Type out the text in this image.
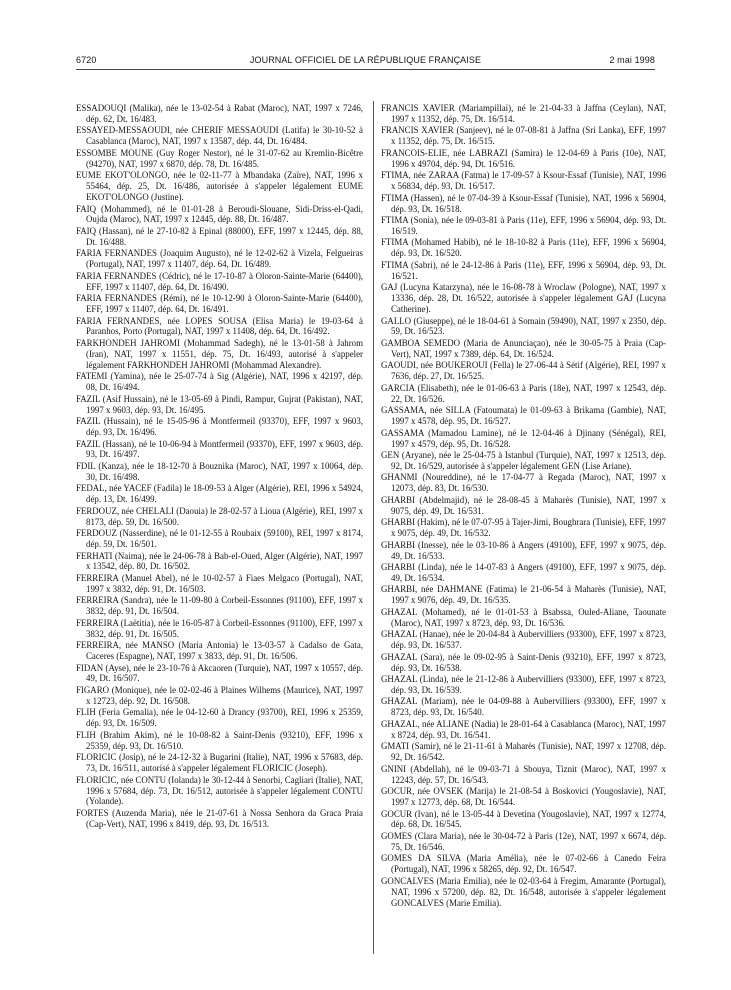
6720	JOURNAL OFFICIEL DE LA RÉPUBLIQUE FRANÇAISE	2 mai 1998

ESSADOUQI (Malika), née le 13-02-54 à Rabat (Maroc), NAT, 1997 x 7246, dép. 62, Dt. 16/483.

ESSAYED-MESSAOUDI, née CHERIF MESSAOUDI (Latifa) le 30-10-52 à Casablanca (Maroc), NAT, 1997 x 13587, dép. 44, Dt. 16/484.

ESSOMBE MOUNE (Guy Roger Nestor), né le 31-07-62 au Kremlin-Bicêtre (94270), NAT, 1997 x 6870, dép. 78, Dt. 16/485.

EUME EKOT'OLONGO, née le 02-11-77 à Mbandaka (Zaïre), NAT, 1996 x 55464, dép. 25, Dt. 16/486, autorisée à s'appeler légalement EUME EKOT'OLONGO (Justine).

FAIQ (Mohammed), né le 01-01-28 à Beroudi-Slouane, Sidi-Driss-el-Qadi, Oujda (Maroc), NAT, 1997 x 12445, dép. 88, Dt. 16/487.

FAIQ (Hassan), né le 27-10-82 à Epinal (88000), EFF, 1997 x 12445, dép. 88, Dt. 16/488.

FARIA FERNANDES (Joaquim Augusto), né le 12-02-62 à Vizela, Felgueiras (Portugal), NAT, 1997 x 11407, dép. 64, Dt. 16/489.

FARIA FERNANDES (Cédric), né le 17-10-87 à Oloron-Sainte-Marie (64400), EFF, 1997 x 11407, dép. 64, Dt. 16/490.

FARIA FERNANDES (Rémi), né le 10-12-90 à Oloron-Sainte-Marie (64400), EFF, 1997 x 11407, dép. 64, Dt. 16/491.

FARIA FERNANDES, née LOPES SOUSA (Elisa Maria) le 19-03-64 à Paranhos, Porto (Portugal), NAT, 1997 x 11408, dép. 64, Dt. 16/492.

FARKHONDEH JAHROMI (Mohammad Sadegh), né le 13-01-58 à Jahrom (Iran), NAT, 1997 x 11551, dép. 75, Dt. 16/493, autorisé à s'appeler légalement FARKHONDEH JAHROMI (Mohammad Alexandre).

FATEMI (Yamina), née le 25-07-74 à Sig (Algérie), NAT, 1996 x 42197, dép. 08, Dt. 16/494.

FAZIL (Asif Hussain), né le 13-05-69 à Pindi, Rampur, Gujrat (Pakistan), NAT, 1997 x 9603, dép. 93, Dt. 16/495.

FAZIL (Hussain), né le 15-05-96 à Montfermeil (93370), EFF, 1997 x 9603, dép. 93, Dt. 16/496.

FAZIL (Hassan), né le 10-06-94 à Montfermeil (93370), EFF, 1997 x 9603, dép. 93, Dt. 16/497.

FDIL (Kanza), née le 18-12-70 à Bouznika (Maroc), NAT, 1997 x 10064, dép. 30, Dt. 16/498.

FEDAL, née YACEF (Fadila) le 18-09-53 à Alger (Algérie), REI, 1996 x 54924, dép. 13, Dt. 16/499.

FERDOUZ, née CHELALI (Daouia) le 28-02-57 à Lioua (Algérie), REI, 1997 x 8173, dép. 59, Dt. 16/500.

FERDOUZ (Nasserdine), né le 01-12-55 à Roubaix (59100), REI, 1997 x 8174, dép. 59, Dt. 16/501.

FERHATI (Naima), née le 24-06-78 à Bab-el-Oued, Alger (Algérie), NAT, 1997 x 13542, dép. 80, Dt. 16/502.

FERREIRA (Manuel Abel), né le 10-02-57 à Fiaes Melgaco (Portugal), NAT, 1997 x 3832, dép. 91, Dt. 16/503.

FERREIRA (Sandra), née le 11-09-80 à Corbeil-Essonnes (91100), EFF, 1997 x 3832, dép. 91, Dt. 16/504.

FERREIRA (Laëtitia), née le 16-05-87 à Corbeil-Essonnes (91100), EFF, 1997 x 3832, dép. 91, Dt. 16/505.

FERREIRA, née MANSO (Maria Antonia) le 13-03-57 à Cadalso de Gata, Caceres (Espagne), NAT, 1997 x 3833, dép. 91, Dt. 16/506.

FIDAN (Ayse), née le 23-10-76 à Akcaoren (Turquie), NAT, 1997 x 10557, dép. 49, Dt. 16/507.

FIGARO (Monique), née le 02-02-46 à Plaines Wilhems (Maurice), NAT, 1997 x 12723, dép. 92, Dt. 16/508.

FLIH (Feria Gemalia), née le 04-12-60 à Drancy (93700), REI, 1996 x 25359, dép. 93, Dt. 16/509.

FLIH (Brahim Akim), né le 10-08-82 à Saint-Denis (93210), EFF, 1996 x 25359, dép. 93, Dt. 16/510.

FLORICIC (Josip), né le 24-12-32 à Bugarini (Italie), NAT, 1996 x 57683, dép. 73, Dt. 16/511, autorisé à s'appeler légalement FLORICIC (Joseph).

FLORICIC, née CONTU (Iolanda) le 30-12-44 à Senorbi, Cagliari (Italie), NAT, 1996 x 57684, dép. 73, Dt. 16/512, autorisée à s'appeler légalement CONTU (Yolande).

FORTES (Auzenda Maria), née le 21-07-61 à Nossa Senhora da Graca Praia (Cap-Vert), NAT, 1996 x 8419, dép. 93, Dt. 16/513.

FRANCIS XAVIER (Mariampillai), né le 21-04-33 à Jaffna (Ceylan), NAT, 1997 x 11352, dép. 75, Dt. 16/514.

FRANCIS XAVIER (Sanjeev), né le 07-08-81 à Jaffna (Sri Lanka), EFF, 1997 x 11352, dép. 75, Dt. 16/515.

FRANCOIS-ELIE, née LABRAZI (Samira) le 12-04-69 à Paris (10e), NAT, 1996 x 49704, dép. 94, Dt. 16/516.

FTIMA, née ZARAA (Fatma) le 17-09-57 à Ksour-Essaf (Tunisie), NAT, 1996 x 56834, dép. 93, Dt. 16/517.

FTIMA (Hassen), né le 07-04-39 à Ksour-Essaf (Tunisie), NAT, 1996 x 56904, dép. 93, Dt. 16/518.

FTIMA (Sonia), née le 09-03-81 à Paris (11e), EFF, 1996 x 56904, dép. 93, Dt. 16/519.

FTIMA (Mohamed Habib), né le 18-10-82 à Paris (11e), EFF, 1996 x 56904, dép. 93, Dt. 16/520.

FTIMA (Sabri), né le 24-12-86 à Paris (11e), EFF, 1996 x 56904, dép. 93, Dt. 16/521.

GAJ (Lucyna Katarzyna), née le 16-08-78 à Wroclaw (Pologne), NAT, 1997 x 13336, dép. 28, Dt. 16/522, autorisée à s'appeler légalement GAJ (Lucyna Catherine).

GALLO (Giuseppe), né le 18-04-61 à Somain (59490), NAT, 1997 x 2350, dép. 59, Dt. 16/523.

GAMBOA SEMEDO (Maria de Anunciaçao), née le 30-05-75 à Praia (Cap-Vert), NAT, 1997 x 7389, dép. 64, Dt. 16/524.

GAOUDI, née BOUKEROUI (Fella) le 27-06-44 à Sétif (Algérie), REI, 1997 x 7636, dép. 27, Dt. 16/525.

GARCIA (Elisabeth), née le 01-06-63 à Paris (18e), NAT, 1997 x 12543, dép. 22, Dt. 16/526.

GASSAMA, née SILLA (Fatoumata) le 01-09-63 à Brikama (Gambie), NAT, 1997 x 4578, dép. 95, Dt. 16/527.

GASSAMA (Mamadou Lamine), né le 12-04-46 à Djinany (Sénégal), REI, 1997 x 4579, dép. 95, Dt. 16/528.

GEN (Aryane), née le 25-04-75 à Istanbul (Turquie), NAT, 1997 x 12513, dép. 92, Dt. 16/529, autorisée à s'appeler légalement GEN (Lise Ariane).

GHANMI (Noureddine), né le 17-04-77 à Regada (Maroc), NAT, 1997 x 12073, dép. 83, Dt. 16/530.

GHARBI (Abdelmajid), né le 28-08-45 à Maharès (Tunisie), NAT, 1997 x 9075, dép. 49, Dt. 16/531.

GHARBI (Hakim), né le 07-07-95 à Tajer-Jimi, Boughrara (Tunisie), EFF, 1997 x 9075, dép. 49, Dt. 16/532.

GHARBI (Inesse), née le 03-10-86 à Angers (49100), EFF, 1997 x 9075, dép. 49, Dt. 16/533.

GHARBI (Linda), née le 14-07-83 à Angers (49100), EFF, 1997 x 9075, dép. 49, Dt. 16/534.

GHARBI, née DAHMANE (Fatima) le 21-06-54 à Maharès (Tunisie), NAT, 1997 x 9076, dép. 49, Dt. 16/535.

GHAZAL (Mohamed), né le 01-01-53 à Bsabssa, Ouled-Aliane, Taounate (Maroc), NAT, 1997 x 8723, dép. 93, Dt. 16/536.

GHAZAL (Hanae), née le 20-04-84 à Aubervilliers (93300), EFF, 1997 x 8723, dép. 93, Dt. 16/537.

GHAZAL (Sara), née le 09-02-95 à Saint-Denis (93210), EFF, 1997 x 8723, dép. 93, Dt. 16/538.

GHAZAL (Linda), née le 21-12-86 à Aubervilliers (93300), EFF, 1997 x 8723, dép. 93, Dt. 16/539.

GHAZAL (Mariam), née le 04-09-88 à Aubervilliers (93300), EFF, 1997 x 8723, dép. 93, Dt. 16/540.

GHAZAL, née ALIANE (Nadia) le 28-01-64 à Casablanca (Maroc), NAT, 1997 x 8724, dép. 93, Dt. 16/541.

GMATI (Samir), né le 21-11-61 à Maharès (Tunisie), NAT, 1997 x 12708, dép. 92, Dt. 16/542.

GNINI (Abdellah), né le 09-03-71 à Sbouya, Tiznit (Maroc), NAT, 1997 x 12243, dép. 57, Dt. 16/543.

GOCUR, née OVSEK (Marija) le 21-08-54 à Boskovici (Yougoslavie), NAT, 1997 x 12773, dép. 68, Dt. 16/544.

GOCUR (Ivan), né le 13-05-44 à Devetina (Yougoslavie), NAT, 1997 x 12774, dép. 68, Dt. 16/545.

GOMES (Clara Maria), née le 30-04-72 à Paris (12e), NAT, 1997 x 6674, dép. 75, Dt. 16/546.

GOMES DA SILVA (Maria Amélia), née le 07-02-66 à Canedo Feira (Portugal), NAT, 1996 x 58265, dép. 92, Dt. 16/547.

GONCALVES (Maria Emilia), née le 02-03-64 à Fregim, Amarante (Portugal), NAT, 1996 x 57200, dép. 82, Dt. 16/548, autorisée à s'appeler légalement GONCALVES (Marie Emilia).
